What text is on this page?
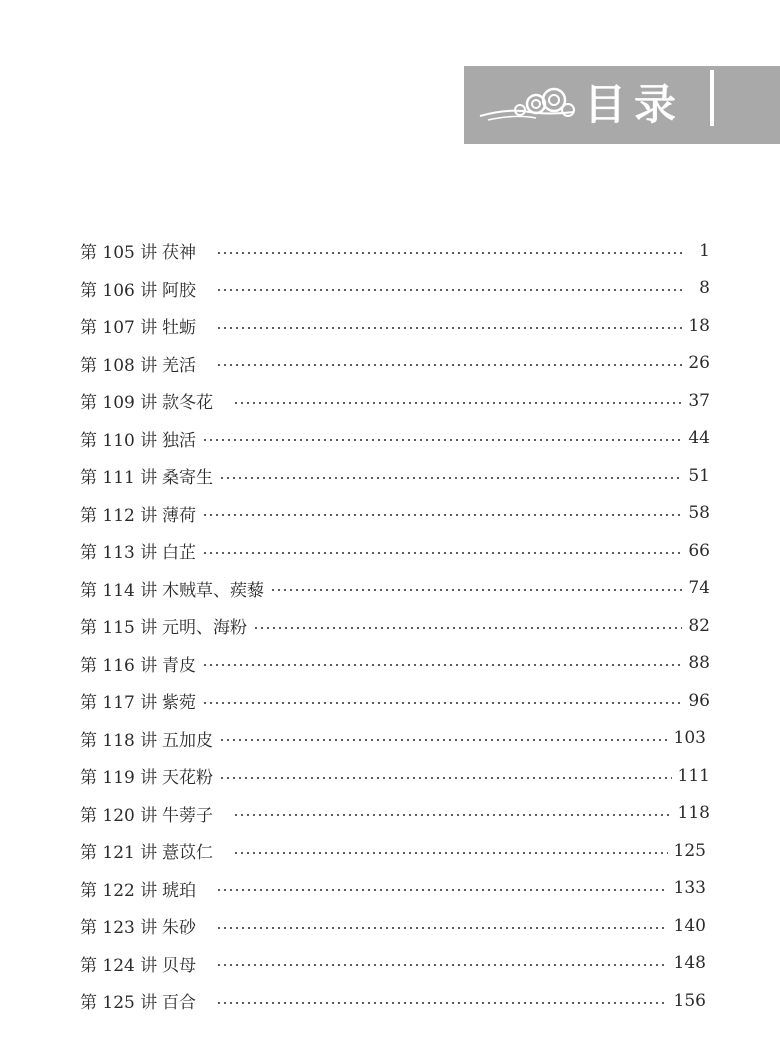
目录
第 105 讲 茯神	1
第 106 讲 阿胶	8
第 107 讲 牡蛎	18
第 108 讲 羌活	26
第 109 讲 款冬花	37
第 110 讲 独活	44
第 111 讲 桑寄生	51
第 112 讲 薄荷	58
第 113 讲 白芷	66
第 114 讲 木贼草、蒺藜	74
第 115 讲 元明、海粉	82
第 116 讲 青皮	88
第 117 讲 紫菀	96
第 118 讲 五加皮	103
第 119 讲 天花粉	111
第 120 讲 牛蒡子	118
第 121 讲 薏苡仁	125
第 122 讲 琥珀	133
第 123 讲 朱砂	140
第 124 讲 贝母	148
第 125 讲 百合	156
